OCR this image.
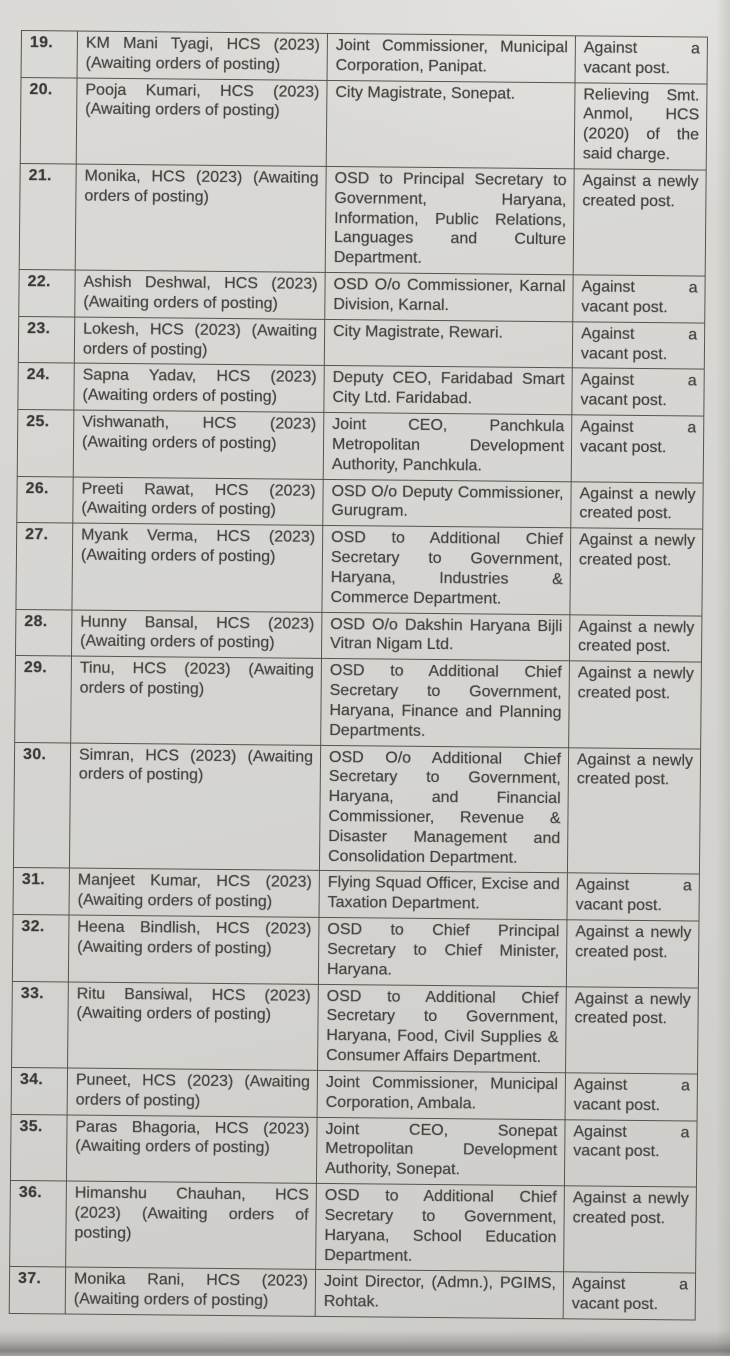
19.	KM Mani Tyagi, HCS (2023) (Awaiting orders of posting)	Joint Commissioner, Municipal Corporation, Panipat.	Against a vacant post.
20.	Pooja Kumari, HCS (2023) (Awaiting orders of posting)	City Magistrate, Sonepat.	Relieving Smt. Anmol, HCS (2020) of the said charge.
21.	Monika, HCS (2023) (Awaiting orders of posting)	OSD to Principal Secretary to Government, Haryana, Information, Public Relations, Languages and Culture Department.	Against a newly created post.
22.	Ashish Deshwal, HCS (2023) (Awaiting orders of posting)	OSD O/o Commissioner, Karnal Division, Karnal.	Against a vacant post.
23.	Lokesh, HCS (2023) (Awaiting orders of posting)	City Magistrate, Rewari.	Against a vacant post.
24.	Sapna Yadav, HCS (2023) (Awaiting orders of posting)	Deputy CEO, Faridabad Smart City Ltd. Faridabad.	Against a vacant post.
25.	Vishwanath, HCS (2023) (Awaiting orders of posting)	Joint CEO, Panchkula Metropolitan Development Authority, Panchkula.	Against a vacant post.
26.	Preeti Rawat, HCS (2023) (Awaiting orders of posting)	OSD O/o Deputy Commissioner, Gurugram.	Against a newly created post.
27.	Myank Verma, HCS (2023) (Awaiting orders of posting)	OSD to Additional Chief Secretary to Government, Haryana, Industries & Commerce Department.	Against a newly created post.
28.	Hunny Bansal, HCS (2023) (Awaiting orders of posting)	OSD O/o Dakshin Haryana Bijli Vitran Nigam Ltd.	Against a newly created post.
29.	Tinu, HCS (2023) (Awaiting orders of posting)	OSD to Additional Chief Secretary to Government, Haryana, Finance and Planning Departments.	Against a newly created post.
30.	Simran, HCS (2023) (Awaiting orders of posting)	OSD O/o Additional Chief Secretary to Government, Haryana, and Financial Commissioner, Revenue & Disaster Management and Consolidation Department.	Against a newly created post.
31.	Manjeet Kumar, HCS (2023) (Awaiting orders of posting)	Flying Squad Officer, Excise and Taxation Department.	Against a vacant post.
32.	Heena Bindlish, HCS (2023) (Awaiting orders of posting)	OSD to Chief Principal Secretary to Chief Minister, Haryana.	Against a newly created post.
33.	Ritu Bansiwal, HCS (2023) (Awaiting orders of posting)	OSD to Additional Chief Secretary to Government, Haryana, Food, Civil Supplies & Consumer Affairs Department.	Against a newly created post.
34.	Puneet, HCS (2023) (Awaiting orders of posting)	Joint Commissioner, Municipal Corporation, Ambala.	Against a vacant post.
35.	Paras Bhagoria, HCS (2023) (Awaiting orders of posting)	Joint CEO, Sonepat Metropolitan Development Authority, Sonepat.	Against a vacant post.
36.	Himanshu Chauhan, HCS (2023) (Awaiting orders of posting)	OSD to Additional Chief Secretary to Government, Haryana, School Education Department.	Against a newly created post.
37.	Monika Rani, HCS (2023) (Awaiting orders of posting)	Joint Director, (Admn.), PGIMS, Rohtak.	Against a vacant post.
